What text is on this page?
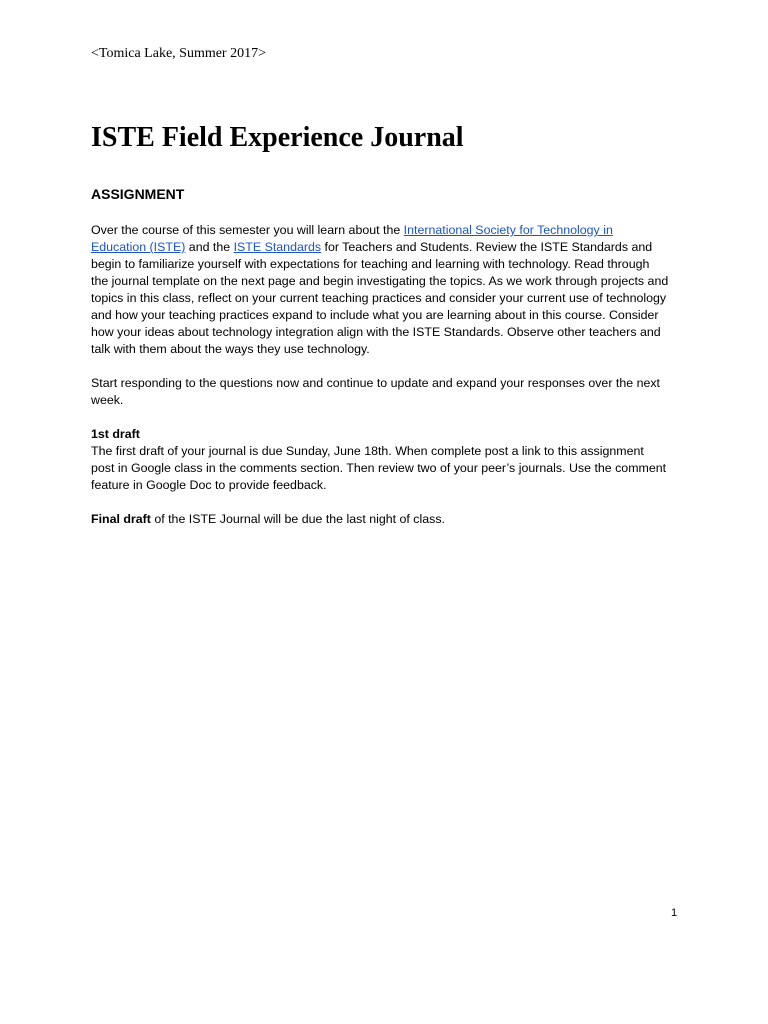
<Tomica Lake, Summer 2017>
ISTE Field Experience Journal
ASSIGNMENT
Over the course of this semester you will learn about the International Society for Technology in
Education (ISTE) and the ISTE Standards for Teachers and Students. Review the ISTE Standards and
begin to familiarize yourself with expectations for teaching and learning with technology. Read through
the journal template on the next page and begin investigating the topics. As we work through projects and
topics in this class, reflect on your current teaching practices and consider your current use of technology
and how your teaching practices expand to include what you are learning about in this course. Consider
how your ideas about technology integration align with the ISTE Standards. Observe other teachers and
talk with them about the ways they use technology.
Start responding to the questions now and continue to update and expand your responses over the next
week.
1st draft
The first draft of your journal is due Sunday, June 18th. When complete post a link to this assignment
post in Google class in the comments section. Then review two of your peer’s journals. Use the comment
feature in Google Doc to provide feedback.
Final draft of the ISTE Journal will be due the last night of class.
1
